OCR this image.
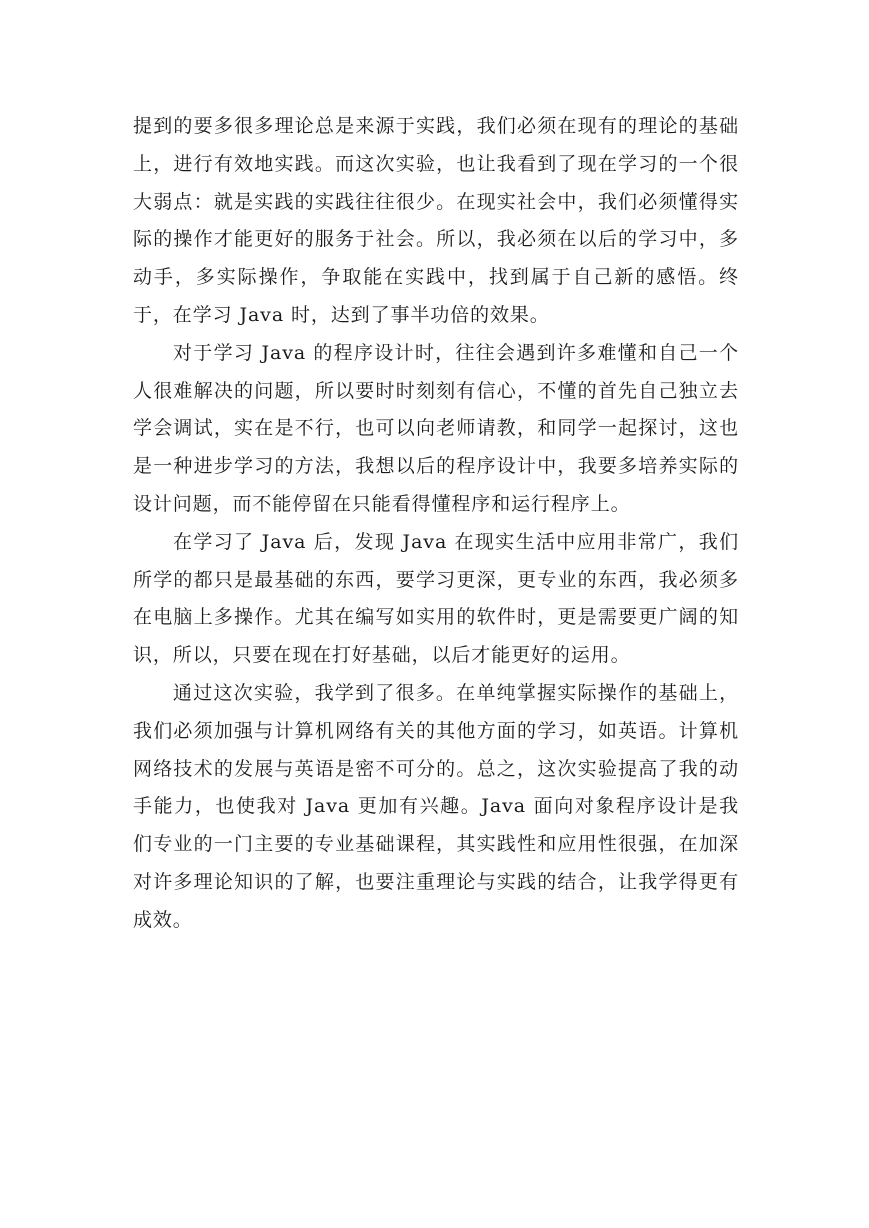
提到的要多很多理论总是来源于实践，我们必须在现有的理论的基础上，进行有效地实践。而这次实验，也让我看到了现在学习的一个很大弱点：就是实践的实践往往很少。在现实社会中，我们必须懂得实际的操作才能更好的服务于社会。所以，我必须在以后的学习中，多动手，多实际操作，争取能在实践中，找到属于自己新的感悟。终于，在学习 Java 时，达到了事半功倍的效果。

对于学习 Java 的程序设计时，往往会遇到许多难懂和自己一个人很难解决的问题，所以要时时刻刻有信心，不懂的首先自己独立去学会调试，实在是不行，也可以向老师请教，和同学一起探讨，这也是一种进步学习的方法，我想以后的程序设计中，我要多培养实际的设计问题，而不能停留在只能看得懂程序和运行程序上。

在学习了 Java 后，发现 Java 在现实生活中应用非常广，我们所学的都只是最基础的东西，要学习更深，更专业的东西，我必须多在电脑上多操作。尤其在编写如实用的软件时，更是需要更广阔的知识，所以，只要在现在打好基础，以后才能更好的运用。

通过这次实验，我学到了很多。在单纯掌握实际操作的基础上，我们必须加强与计算机网络有关的其他方面的学习，如英语。计算机网络技术的发展与英语是密不可分的。总之，这次实验提高了我的动手能力，也使我对 Java 更加有兴趣。Java 面向对象程序设计是我们专业的一门主要的专业基础课程，其实践性和应用性很强，在加深对许多理论知识的了解，也要注重理论与实践的结合，让我学得更有成效。
